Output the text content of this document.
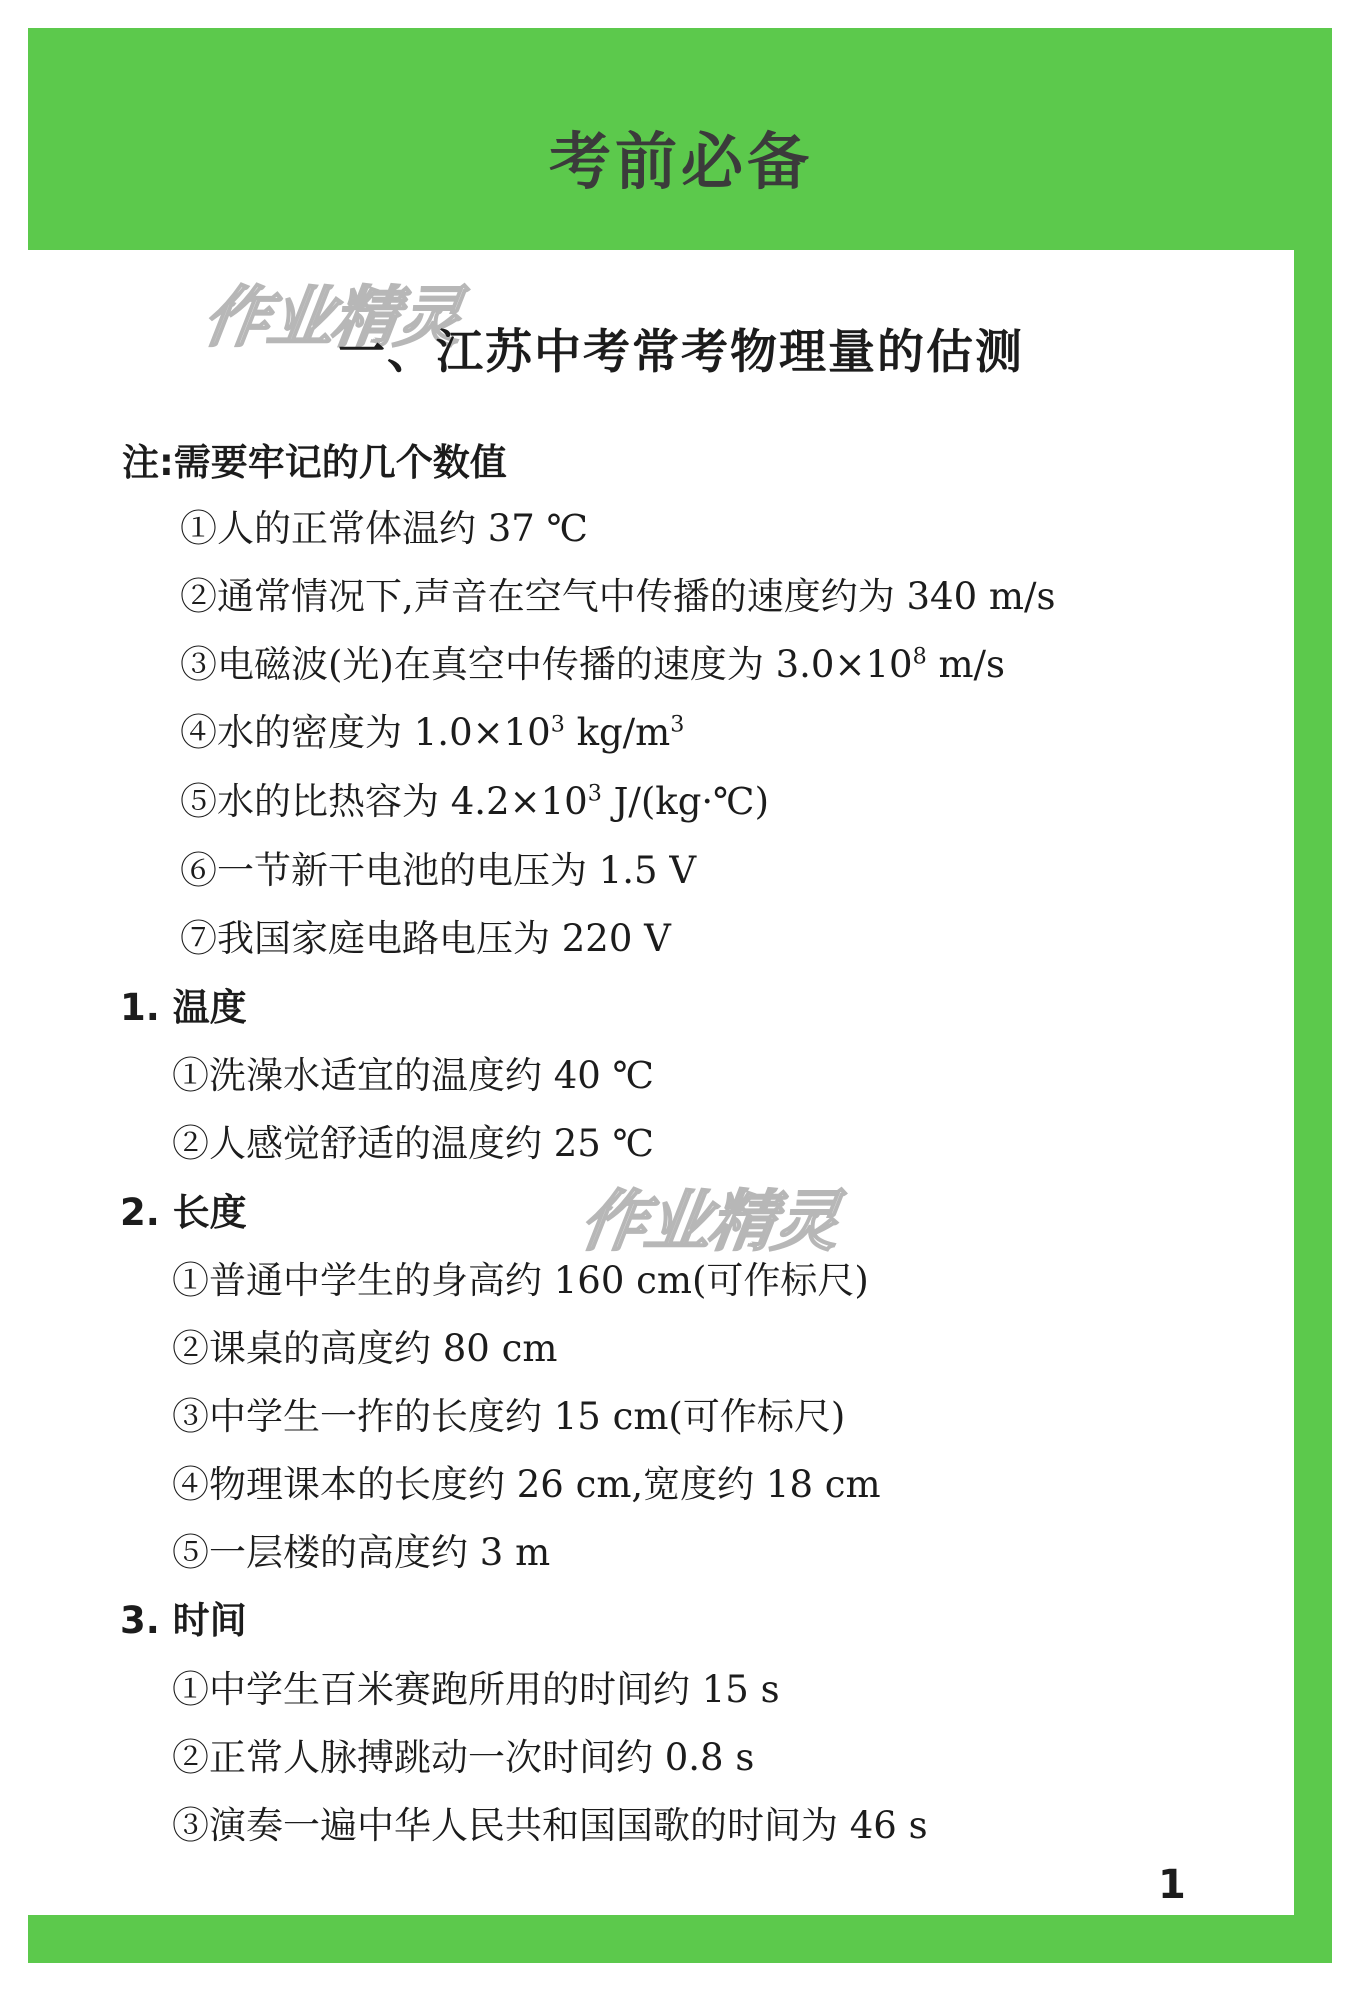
考前必备
作业精灵
作业精灵
一、江苏中考常考物理量的估测
注:需要牢记的几个数值
①人的正常体温约 37 ℃
②通常情况下,声音在空气中传播的速度约为 340 m/s
③电磁波(光)在真空中传播的速度为 $3.0\times 10^8$ m/s
④水的密度为 $1.0\times 10^3$ $kg/m^3$
⑤水的比热容为 $4.2\times 10^3$ J/(kg·℃)
⑥一节新干电池的电压为 1.5 V
⑦我国家庭电路电压为 220 V
1. 温度
①洗澡水适宜的温度约 40 ℃
②人感觉舒适的温度约 25 ℃
2. 长度
①普通中学生的身高约 160 cm(可作标尺)
②课桌的高度约 80 cm
③中学生一拃的长度约 15 cm(可作标尺)
④物理课本的长度约 26 cm,宽度约 18 cm
⑤一层楼的高度约 3 m
3. 时间
①中学生百米赛跑所用的时间约 15 s
②正常人脉搏跳动一次时间约 0.8 s
③演奏一遍中华人民共和国国歌的时间为 46 s
1
